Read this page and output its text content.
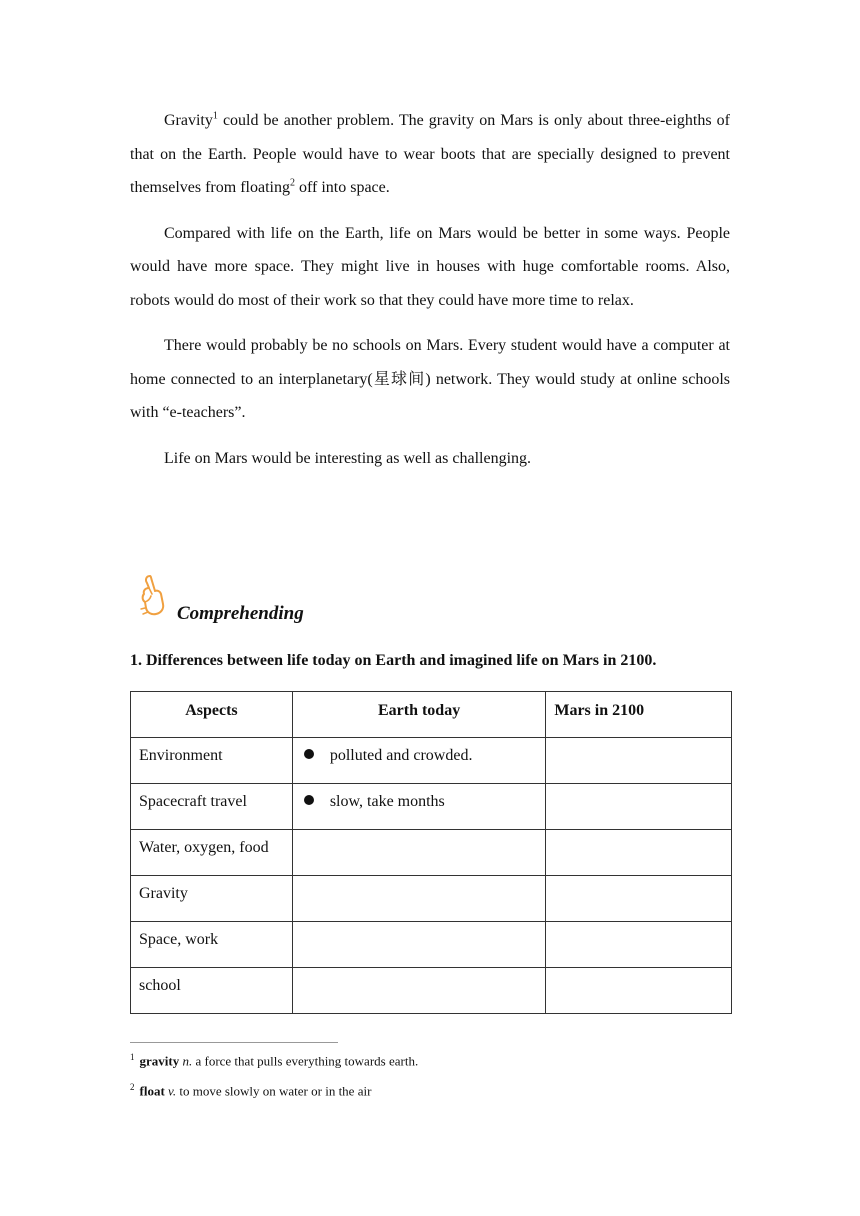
Gravity$^1$ could be another problem. The gravity on Mars is only about three-eighths of that on the Earth. People would have to wear boots that are specially designed to prevent themselves from floating$^2$ off into space.

Compared with life on the Earth, life on Mars would be better in some ways. People would have more space. They might live in houses with huge comfortable rooms. Also, robots would do most of their work so that they could have more time to relax.

There would probably be no schools on Mars. Every student would have a computer at home connected to an interplanetary(星球间) network. They would study at online schools with “e-teachers”.

Life on Mars would be interesting as well as challenging.

Comprehending
1. Differences between life today on Earth and imagined life on Mars in 2100.
Aspects	Earth today	Mars in 2100
Environment	polluted and crowded.	
Spacecraft travel	slow, take months	
Water, oxygen, food		
Gravity		
Space, work		
school		
$^1$ gravity n. a force that pulls everything towards earth.
$^2$ float v. to move slowly on water or in the air
